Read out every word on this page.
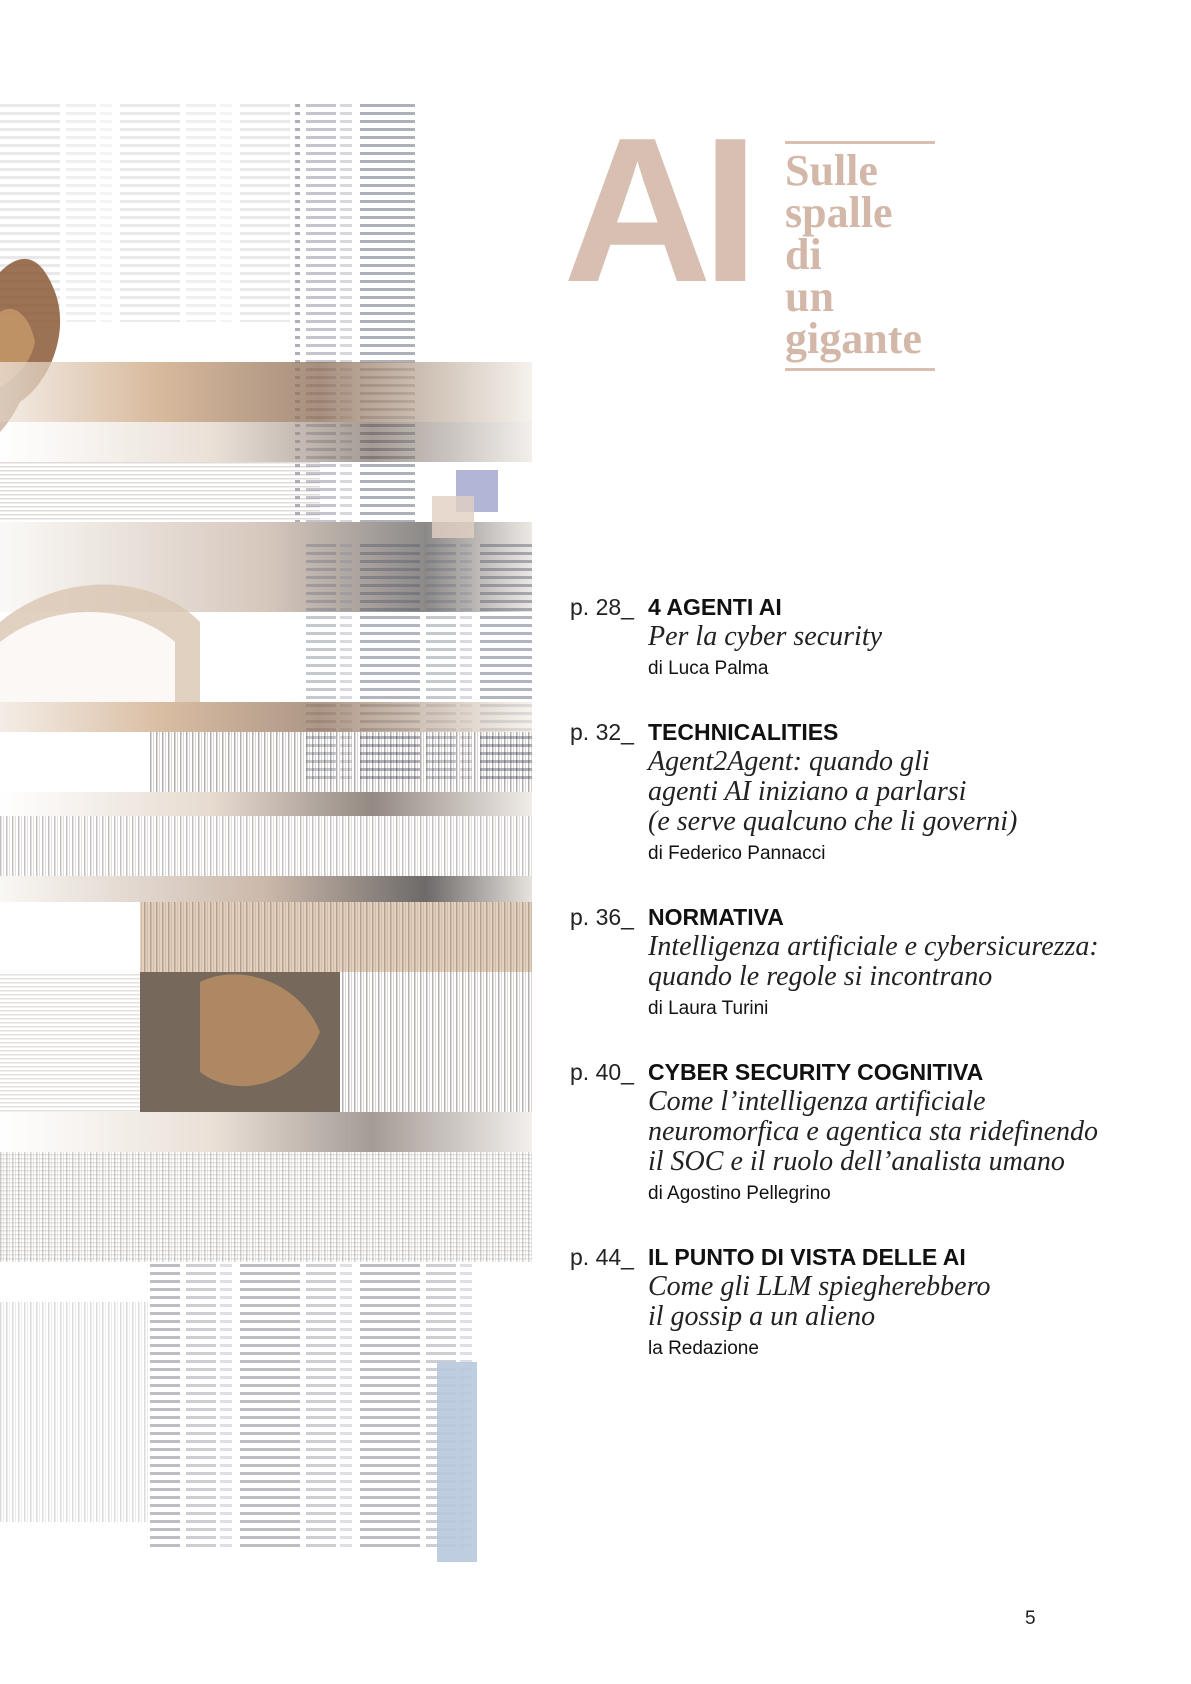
AI Sulle
spalle di
un gigante
p. 28_ 4 AGENTI AI
Per la cyber security
di Luca Palma
p. 32_ TECHNICALITIES
Agent2Agent: quando gli
agenti AI iniziano a parlarsi
(e serve qualcuno che li governi)
di Federico Pannacci
p. 36_ NORMATIVA
Intelligenza artificiale e cybersicurezza:
quando le regole si incontrano
di Laura Turini
p. 40_ CYBER SECURITY COGNITIVA
Come l’intelligenza artificiale
neuromorfica e agentica sta ridefinendo
il SOC e il ruolo dell’analista umano
di Agostino Pellegrino
p. 44_ IL PUNTO DI VISTA DELLE AI
Come gli LLM spiegherebbero
il gossip a un alieno
la Redazione
5
